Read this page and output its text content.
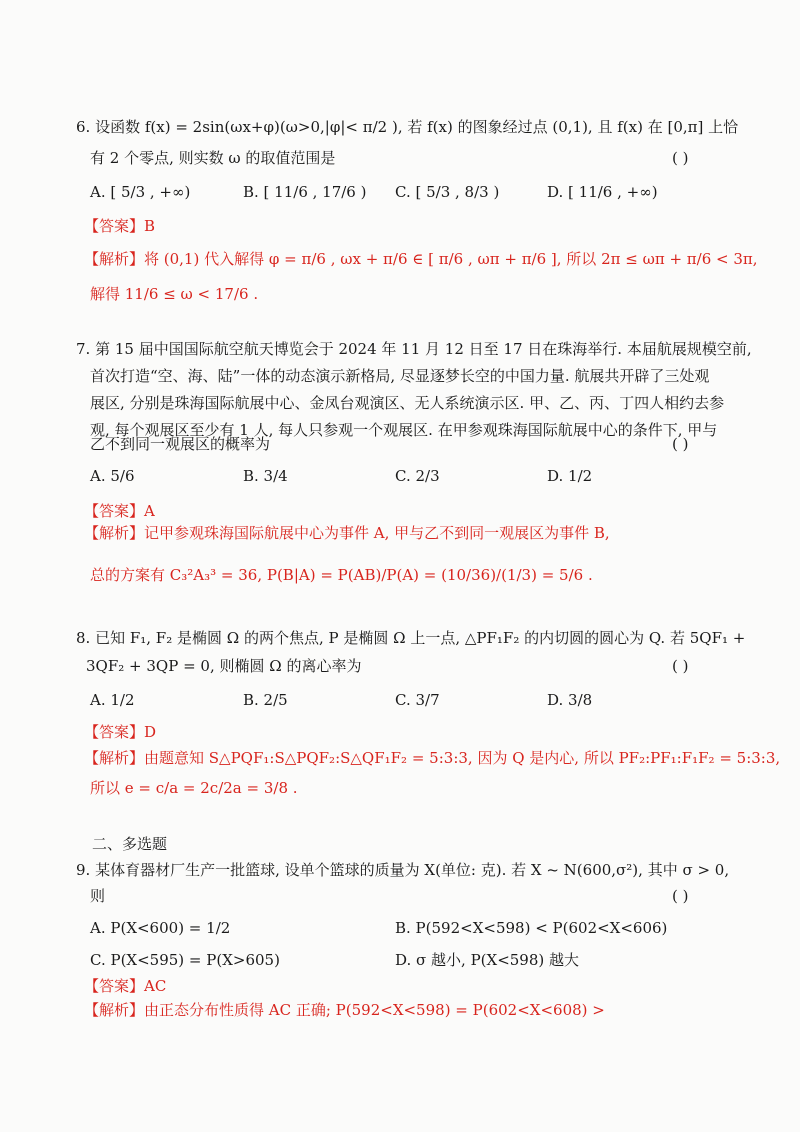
6. 设函数 f(x) = 2sin(ωx+φ)(ω>0,|φ|< π/2 ), 若 f(x) 的图象经过点 (0,1), 且 f(x) 在 [0,π] 上恰
有 2 个零点, 则实数 ω 的取值范围是	( )
A. [ 5/3 , +∞)	B. [ 11/6 , 17/6 ) C. [ 5/3 , 8/3 )	D. [ 11/6 , +∞)
【答案】B
【解析】将 (0,1) 代入解得 φ = π/6 , ωx + π/6 ∈ [ π/6 , ωπ + π/6 ], 所以 2π ≤ ωπ + π/6 < 3π,
解得 11/6 ≤ ω < 17/6 .
7. 第 15 届中国国际航空航天博览会于 2024 年 11 月 12 日至 17 日在珠海举行. 本届航展规模空前,
首次打造“空、海、陆”一体的动态演示新格局, 尽显逐梦长空的中国力量. 航展共开辟了三处观
展区, 分别是珠海国际航展中心、金凤台观演区、无人系统演示区. 甲、乙、丙、丁四人相约去参
观, 每个观展区至少有 1 人, 每人只参观一个观展区. 在甲参观珠海国际航展中心的条件下, 甲与
乙不到同一观展区的概率为	( )
A. 5/6	B. 3/4	C. 2/3	D. 1/2
【答案】A
【解析】记甲参观珠海国际航展中心为事件 A, 甲与乙不到同一观展区为事件 B,
总的方案有 C₃²A₃³ = 36, P(B|A) = P(AB)/P(A) = (10/36)/(1/3) = 5/6 .
8. 已知 F₁, F₂ 是椭圆 Ω 的两个焦点, P 是椭圆 Ω 上一点, △PF₁F₂ 的内切圆的圆心为 Q. 若 5QF₁ +
3QF₂ + 3QP = 0, 则椭圆 Ω 的离心率为	( )
A. 1/2	B. 2/5	C. 3/7	D. 3/8
【答案】D
【解析】由题意知 S△PQF₁:S△PQF₂:S△QF₁F₂ = 5:3:3, 因为 Q 是内心, 所以 PF₂:PF₁:F₁F₂ = 5:3:3,
所以 e = c/a = 2c/2a = 3/8 .
二、多选题
9. 某体育器材厂生产一批篮球, 设单个篮球的质量为 X(单位: 克). 若 X ~ N(600,σ²), 其中 σ > 0,
则	( )
A. P(X<600) = 1/2	B. P(592<X<598) < P(602<X<606)
C. P(X<595) = P(X>605)	D. σ 越小, P(X<598) 越大
【答案】AC
【解析】由正态分布性质得 AC 正确; P(592<X<598) = P(602<X<608) >
